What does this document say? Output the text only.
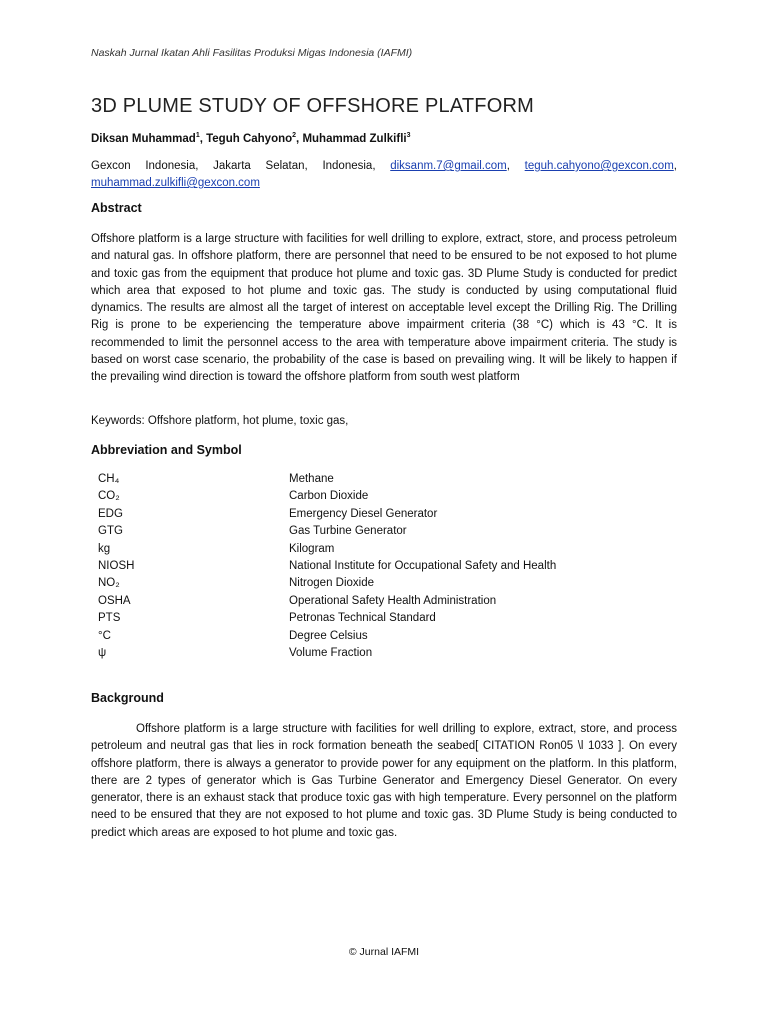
Naskah Jurnal Ikatan Ahli Fasilitas Produksi Migas Indonesia (IAFMI)
3D PLUME STUDY OF OFFSHORE PLATFORM
Diksan Muhammad$^1$, Teguh Cahyono$^2$, Muhammad Zulkifli$^3$
Gexcon Indonesia, Jakarta Selatan, Indonesia, diksanm.7@gmail.com, teguh.cahyono@gexcon.com,
muhammad.zulkifli@gexcon.com
Abstract
Offshore platform is a large structure with facilities for well drilling to explore, extract, store, and process petroleum and natural gas. In offshore platform, there are personnel that need to be ensured to be not exposed to hot plume and toxic gas from the equipment that produce hot plume and toxic gas. 3D Plume Study is conducted for predict which area that exposed to hot plume and toxic gas. The study is conducted by using computational fluid dynamics. The results are almost all the target of interest on acceptable level except the Drilling Rig. The Drilling Rig is prone to be experiencing the temperature above impairment criteria (38 °C) which is 43 °C. It is recommended to limit the personnel access to the area with temperature above impairment criteria. The study is based on worst case scenario, the probability of the case is based on prevailing wing. It will be likely to happen if the prevailing wind direction is toward the offshore platform from south west platform
Keywords: Offshore platform, hot plume, toxic gas,
Abbreviation and Symbol
CH₄	Methane
CO₂	Carbon Dioxide
EDG	Emergency Diesel Generator
GTG	Gas Turbine Generator
kg	Kilogram
NIOSH	National Institute for Occupational Safety and Health
NO₂	Nitrogen Dioxide
OSHA	Operational Safety Health Administration
PTS	Petronas Technical Standard
°C	Degree Celsius
ψ	Volume Fraction
Background
Offshore platform is a large structure with facilities for well drilling to explore, extract, store, and process petroleum and neutral gas that lies in rock formation beneath the seabed[ CITATION Ron05 \l 1033 ]. On every offshore platform, there is always a generator to provide power for any equipment on the platform. In this platform, there are 2 types of generator which is Gas Turbine Generator and Emergency Diesel Generator. On every generator, there is an exhaust stack that produce toxic gas with high temperature. Every personnel on the platform need to be ensured that they are not exposed to hot plume and toxic gas. 3D Plume Study is being conducted to predict which areas are exposed to hot plume and toxic gas.
© Jurnal IAFMI
